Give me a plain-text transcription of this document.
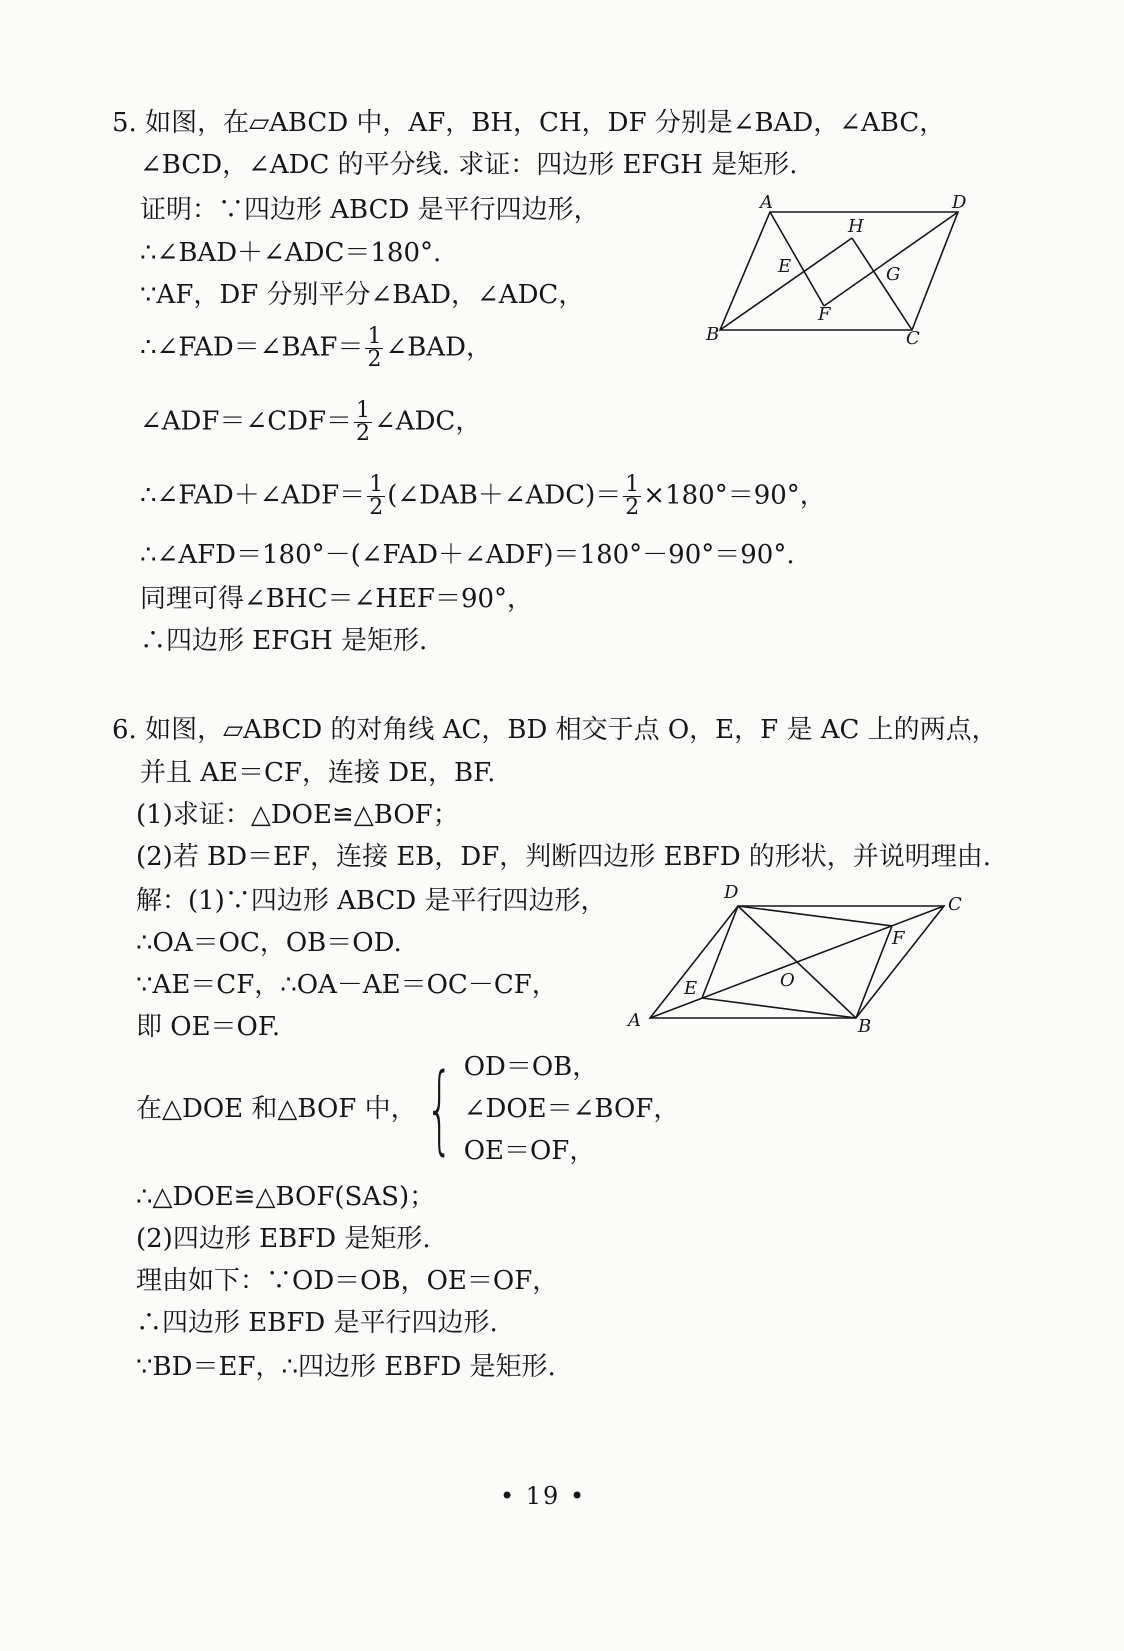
5. 如图，在▱ABCD 中，AF，BH，CH，DF 分别是∠BAD，∠ABC，
∠BCD，∠ADC 的平分线. 求证：四边形 EFGH 是矩形.
证明：∵四边形 ABCD 是平行四边形，
∴∠BAD＋∠ADC＝180°.
∵AF，DF 分别平分∠BAD，∠ADC，
∴∠FAD＝∠BAF＝ $\frac{1}{2}$ ∠BAD，
∠ADF＝∠CDF＝ $\frac{1}{2}$ ∠ADC，
∴∠FAD＋∠ADF＝ $\frac{1}{2}$ (∠DAB＋∠ADC)＝ $\frac{1}{2} \times 180^\circ=90^\circ$，
∴∠AFD＝180°－(∠FAD＋∠ADF)＝180°－90°＝90°.
同理可得∠BHC＝∠HEF＝90°，
∴四边形 EFGH 是矩形.
A	D
B	C
E
F
G
H
6. 如图，▱ABCD 的对角线 AC，BD 相交于点 O，E，F 是 AC 上的两点，
并且 AE＝CF，连接 DE，BF.
(1)求证：△DOE≌△BOF；
(2)若 BD＝EF，连接 EB，DF，判断四边形 EBFD 的形状，并说明理由.
解：(1)∵四边形 ABCD 是平行四边形，
∴OA＝OC，OB＝OD.
∵AE＝CF，∴OA－AE＝OC－CF，
即 OE＝OF.
在△DOE 和△BOF 中， { OD＝OB，
∠DOE＝∠BOF，
OE＝OF，
∴△DOE≌△BOF(SAS)；
(2)四边形 EBFD 是矩形.
理由如下：∵OD＝OB，OE＝OF，
∴四边形 EBFD 是平行四边形.
∵BD＝EF，∴四边形 EBFD 是矩形.
D
C
A	B
E
F
O
• 19 •
